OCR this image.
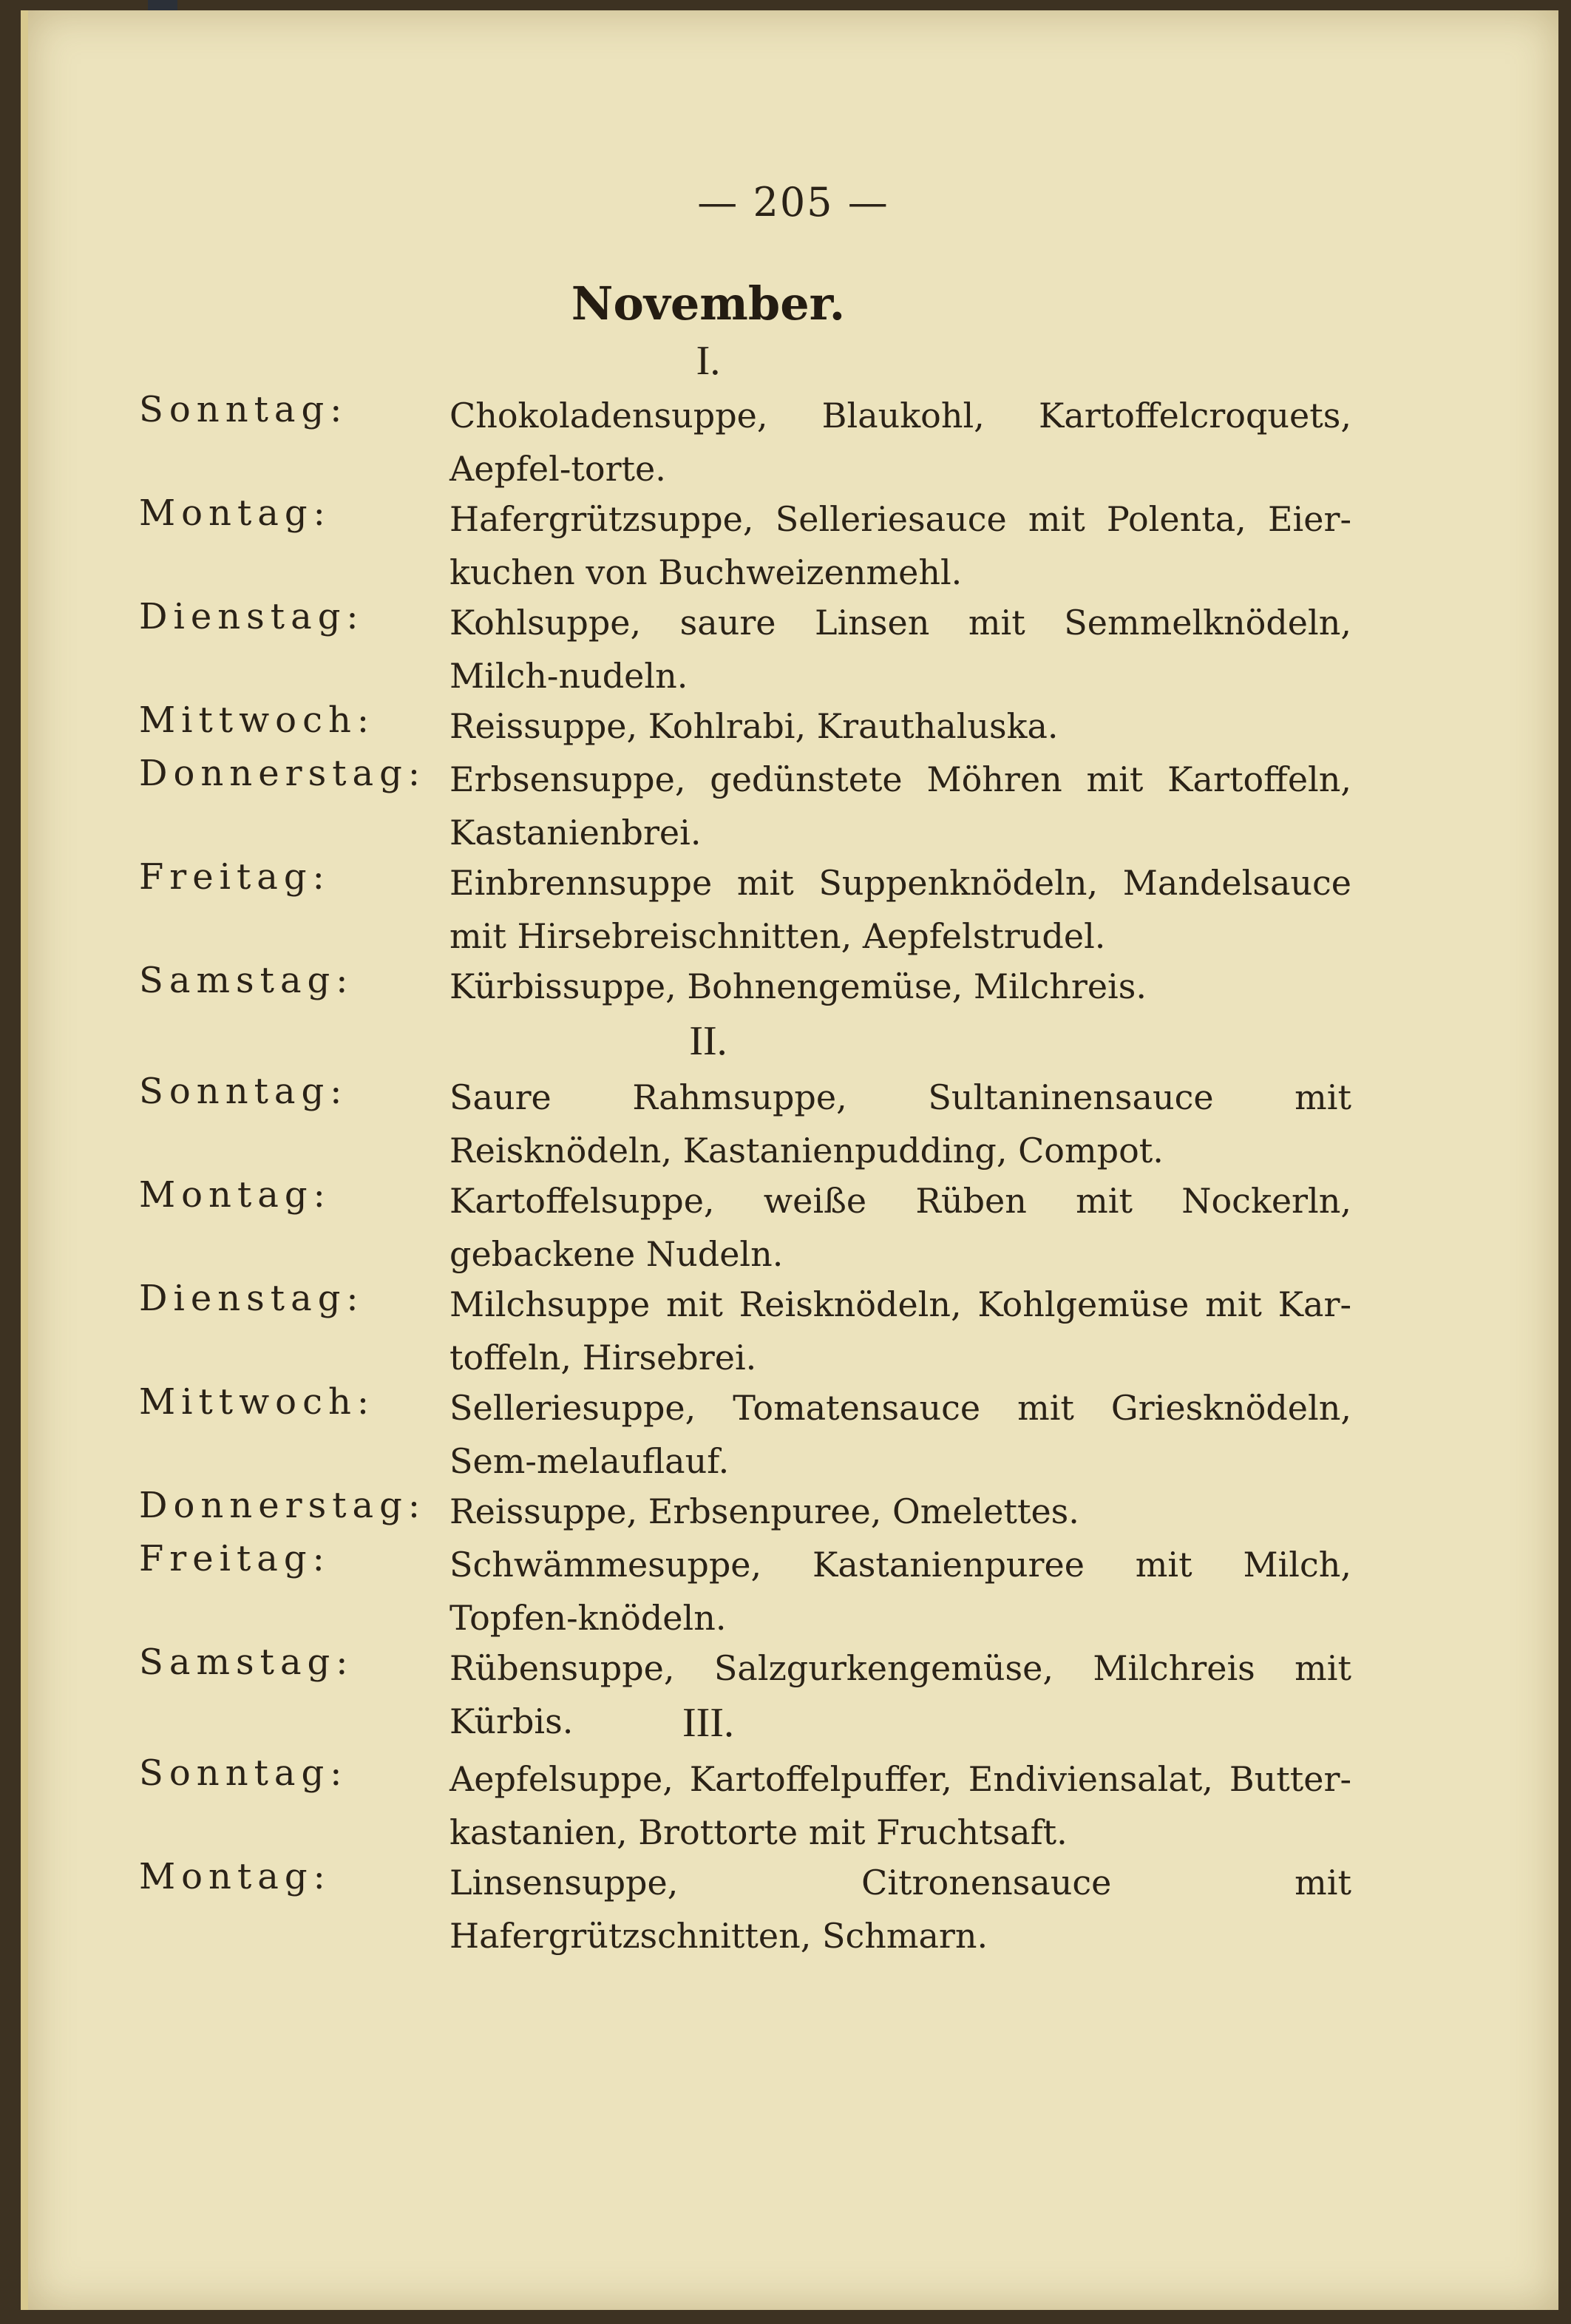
— 205 —
November.
I.
Sonntag:	Chokoladensuppe, Blaukohl, Kartoffelcroquets, Aepfel-torte.
Montag:	Hafergrützsuppe, Selleriesauce mit Polenta, Eier-kuchen von Buchweizenmehl.
Dienstag:	Kohlsuppe, saure Linsen mit Semmelknödeln, Milch-nudeln.
Mittwoch: Reissuppe, Kohlrabi, Krauthaluska.
Donnerstag: Erbsensuppe, gedünstete Möhren mit Kartoffeln, Kastanienbrei.
Freitag:	Einbrennsuppe mit Suppenknödeln, Mandelsauce mit Hirsebreischnitten, Aepfelstrudel.
Samstag:	Kürbissuppe, Bohnengemüse, Milchreis.
II.
Sonntag:	Saure Rahmsuppe, Sultaninensauce mit Reisknödeln, Kastanienpudding, Compot.
Montag:	Kartoffelsuppe, weiße Rüben mit Nockerln, gebackene Nudeln.
Dienstag:	Milchsuppe mit Reisknödeln, Kohlgemüse mit Kar-toffeln, Hirsebrei.
Mittwoch: Selleriesuppe, Tomatensauce mit Griesknödeln, Sem-melauflauf.
Donnerstag: Reissuppe, Erbsenpuree, Omelettes.
Freitag:	Schwämmesuppe, Kastanienpuree mit Milch, Topfen-knödeln.
Samstag:	Rübensuppe, Salzgurkengemüse, Milchreis mit Kürbis.	III.
Sonntag:	Aepfelsuppe, Kartoffelpuffer, Endiviensalat, Butter-kastanien, Brottorte mit Fruchtsaft.
Montag:	Linsensuppe, Citronensauce mit Hafergrützschnitten, Schmarn.
